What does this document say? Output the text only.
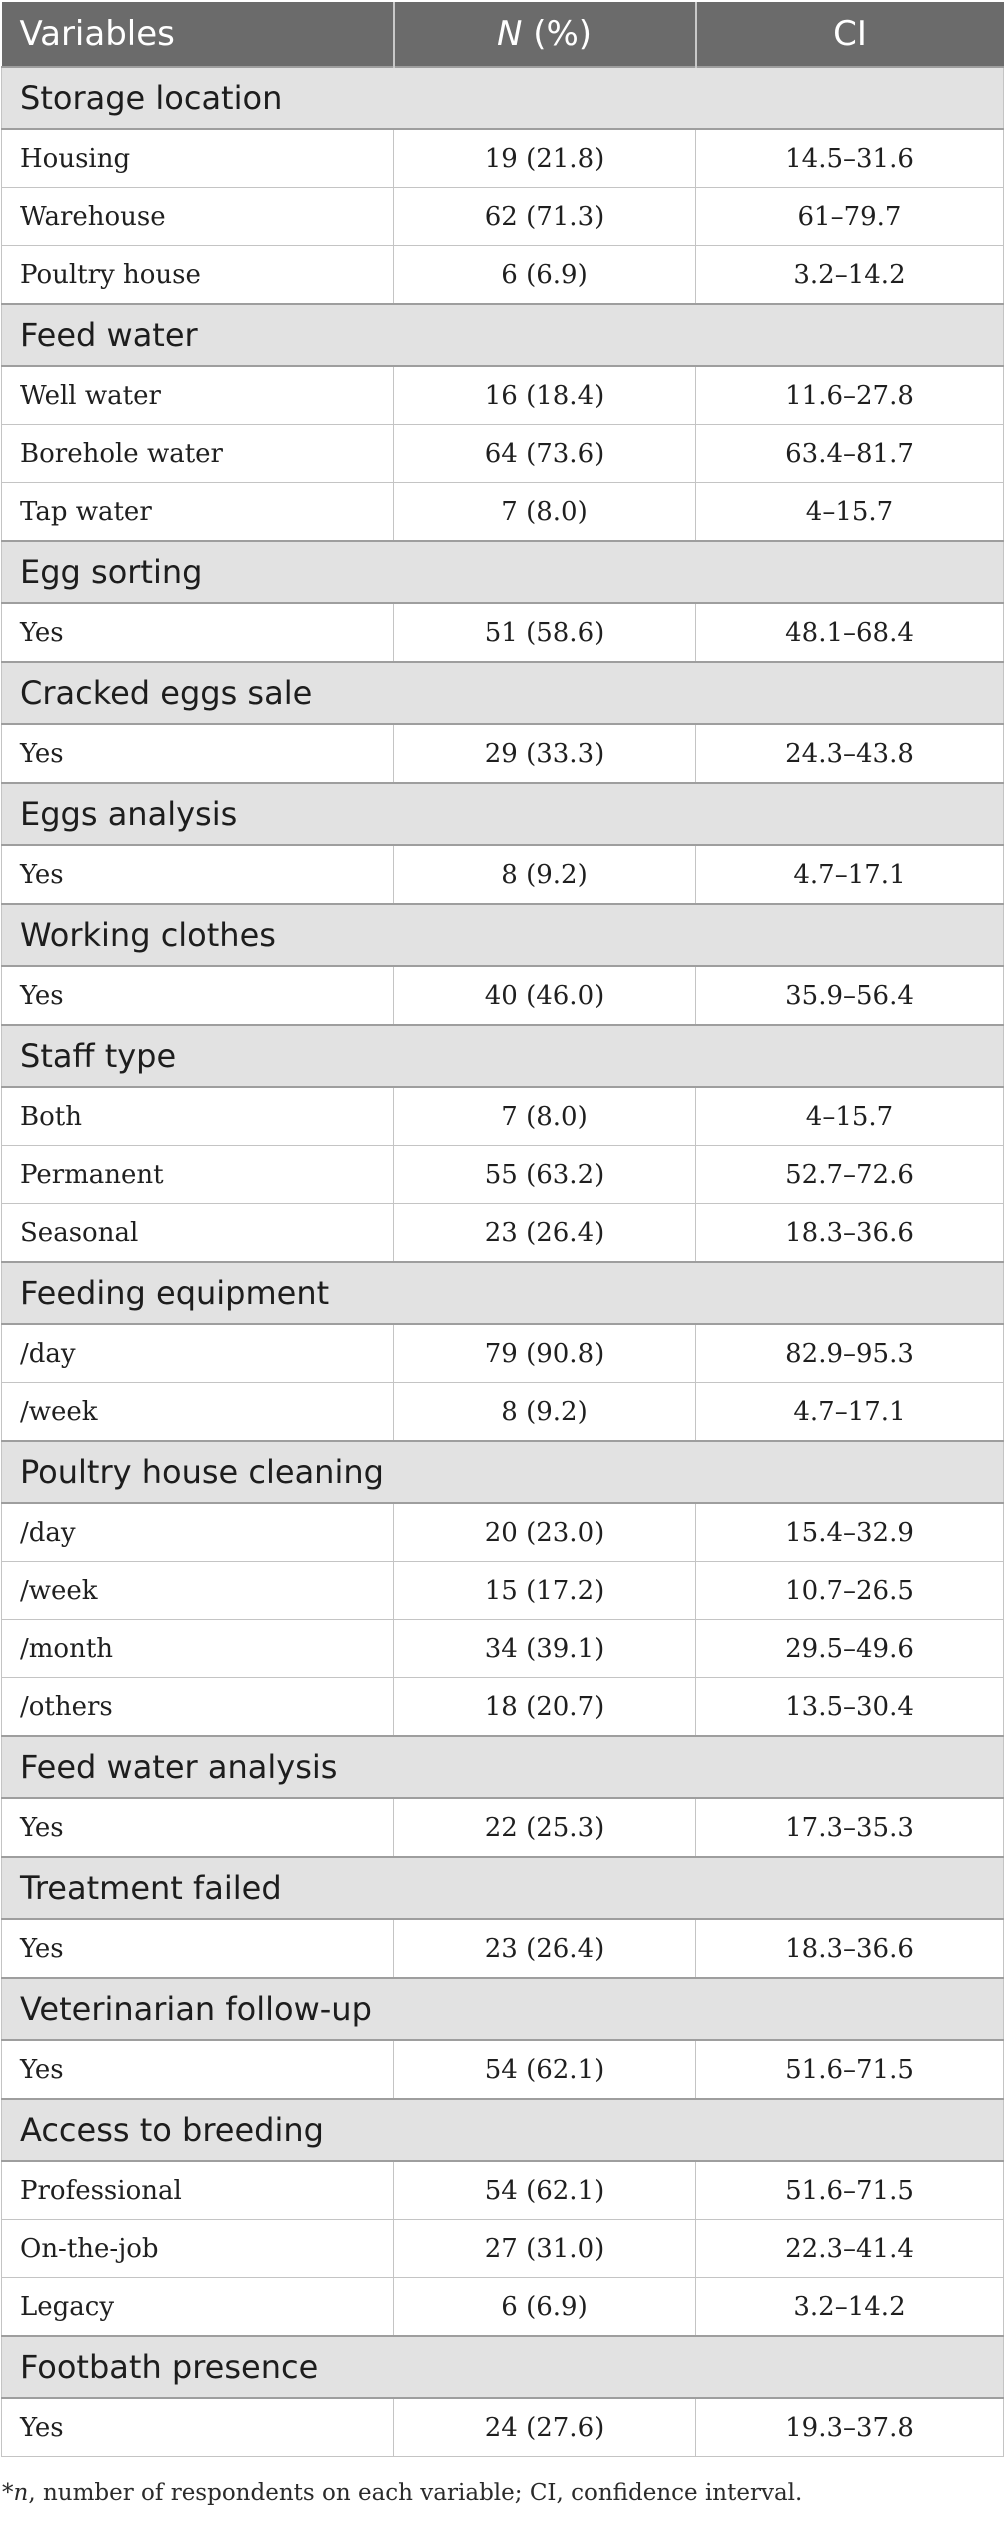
Variables	N (%)	CI
Storage location		
Housing	19 (21.8)	14.5–31.6
Warehouse	62 (71.3)	61–79.7
Poultry house	6 (6.9)	3.2–14.2
Feed water		
Well water	16 (18.4)	11.6–27.8
Borehole water	64 (73.6)	63.4–81.7
Tap water	7 (8.0)	4–15.7
Egg sorting		
Yes	51 (58.6)	48.1–68.4
Cracked eggs sale		
Yes	29 (33.3)	24.3–43.8
Eggs analysis		
Yes	8 (9.2)	4.7–17.1
Working clothes		
Yes	40 (46.0)	35.9–56.4
Staff type		
Both	7 (8.0)	4–15.7
Permanent	55 (63.2)	52.7–72.6
Seasonal	23 (26.4)	18.3–36.6
Feeding equipment		
/day	79 (90.8)	82.9–95.3
/week	8 (9.2)	4.7–17.1
Poultry house cleaning		
/day	20 (23.0)	15.4–32.9
/week	15 (17.2)	10.7–26.5
/month	34 (39.1)	29.5–49.6
/others	18 (20.7)	13.5–30.4
Feed water analysis		
Yes	22 (25.3)	17.3–35.3
Treatment failed		
Yes	23 (26.4)	18.3–36.6
Veterinarian follow-up		
Yes	54 (62.1)	51.6–71.5
Access to breeding		
Professional	54 (62.1)	51.6–71.5
On-the-job	27 (31.0)	22.3–41.4
Legacy	6 (6.9)	3.2–14.2
Footbath presence		
Yes	24 (27.6)	19.3–37.8
*n, number of respondents on each variable; CI, confidence interval.
